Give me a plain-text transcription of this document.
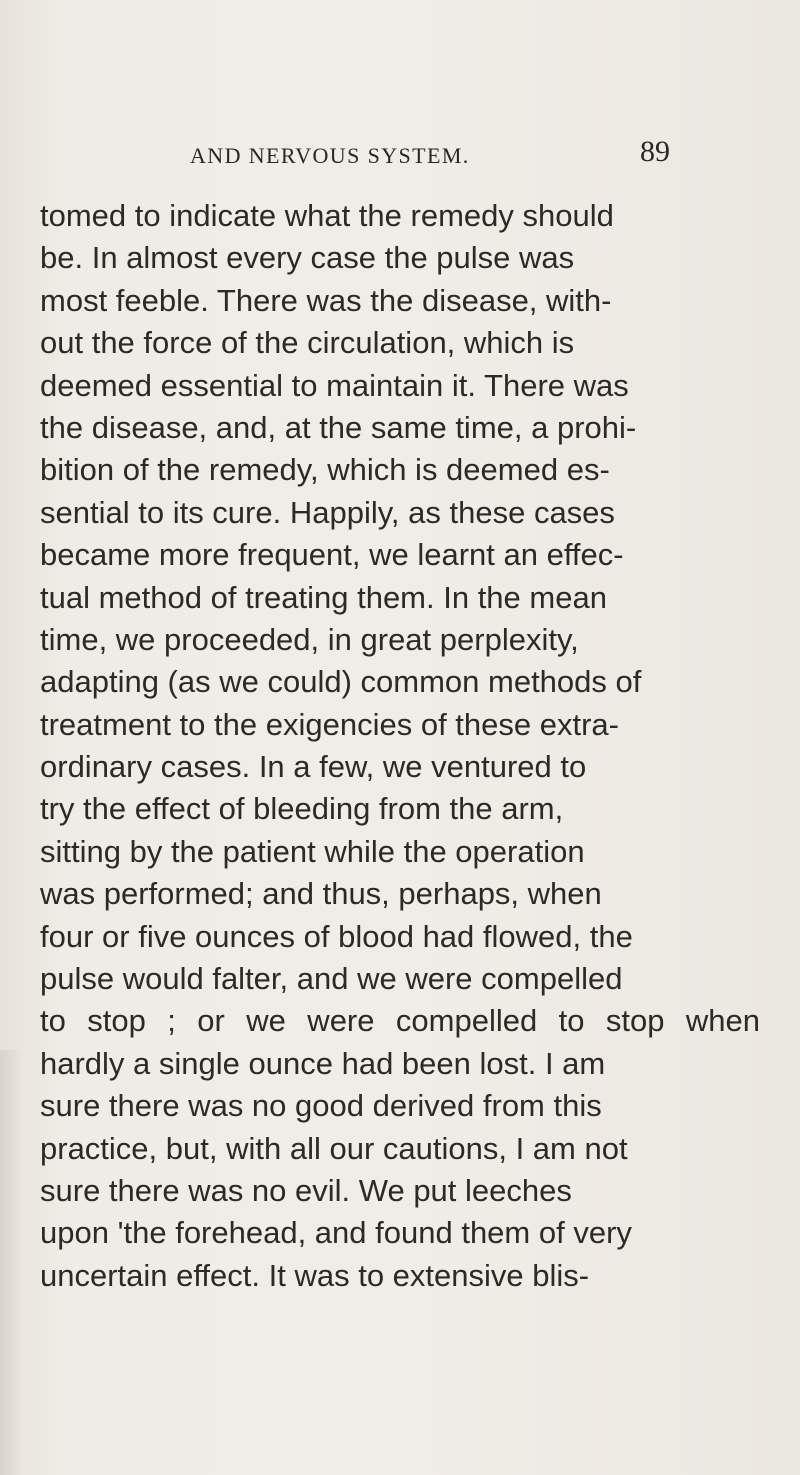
AND NERVOUS SYSTEM.	89
tomed to indicate what the remedy should
be. In almost every case the pulse was
most feeble. There was the disease, with-
out the force of the circulation, which is
deemed essential to maintain it. There was
the disease, and, at the same time, a prohi-
bition of the remedy, which is deemed es-
sential to its cure. Happily, as these cases
became more frequent, we learnt an effec-
tual method of treating them. In the mean
time, we proceeded, in great perplexity,
adapting (as we could) common methods of
treatment to the exigencies of these extra-
ordinary cases. In a few, we ventured to
try the effect of bleeding from the arm,
sitting by the patient while the operation
was performed; and thus, perhaps, when
four or five ounces of blood had flowed, the
pulse would falter, and we were compelled
to stop ; or we were compelled to stop when
hardly a single ounce had been lost. I am
sure there was no good derived from this
practice, but, with all our cautions, I am not
sure there was no evil. We put leeches
upon 'the forehead, and found them of very
uncertain effect. It was to extensive blis-
